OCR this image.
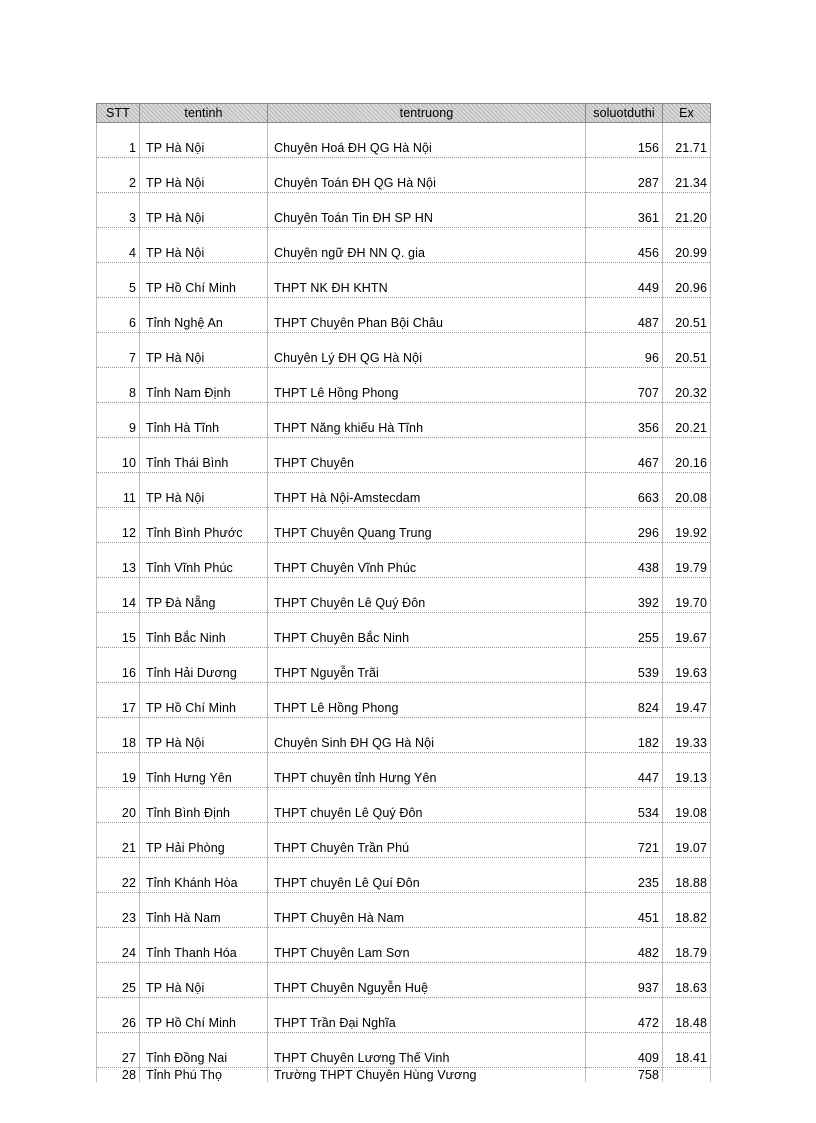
STT	tentinh	tentruong	soluotduthi	Ex
1	TP Hà Nội	Chuyên Hoá ĐH QG Hà Nội	156	21.71
2	TP Hà Nội	Chuyên Toán ĐH QG Hà Nội	287	21.34
3	TP Hà Nội	Chuyên Toán Tin ĐH SP HN	361	21.20
4	TP Hà Nội	Chuyên ngữ ĐH NN Q. gia	456	20.99
5	TP Hồ Chí Minh	THPT NK ĐH KHTN	449	20.96
6	Tỉnh Nghệ An	THPT Chuyên Phan Bội Châu	487	20.51
7	TP Hà Nội	Chuyên Lý ĐH QG Hà Nội	96	20.51
8	Tỉnh Nam Định	THPT Lê Hồng Phong	707	20.32
9	Tỉnh Hà Tĩnh	THPT Năng khiếu Hà Tĩnh	356	20.21
10	Tỉnh Thái Bình	THPT Chuyên	467	20.16
11	TP Hà Nội	THPT Hà Nội-Amstecdam	663	20.08
12	Tỉnh Bình Phước	THPT Chuyên Quang Trung	296	19.92
13	Tỉnh Vĩnh Phúc	THPT Chuyên Vĩnh Phúc	438	19.79
14	TP Đà Nẵng	THPT Chuyên Lê Quý Đôn	392	19.70
15	Tỉnh Bắc Ninh	THPT Chuyên Bắc Ninh	255	19.67
16	Tỉnh Hải Dương	THPT Nguyễn Trãi	539	19.63
17	TP Hồ Chí Minh	THPT Lê Hồng Phong	824	19.47
18	TP Hà Nội	Chuyên Sinh ĐH QG Hà Nội	182	19.33
19	Tỉnh Hưng Yên	THPT chuyên tỉnh Hưng Yên	447	19.13
20	Tỉnh Bình Định	THPT chuyên Lê Quý Đôn	534	19.08
21	TP Hải Phòng	THPT Chuyên Trần Phú	721	19.07
22	Tỉnh Khánh Hòa	THPT chuyên Lê Quí Đôn	235	18.88
23	Tỉnh Hà Nam	THPT Chuyên Hà Nam	451	18.82
24	Tỉnh Thanh Hóa	THPT Chuyên Lam Sơn	482	18.79
25	TP Hà Nội	THPT Chuyên Nguyễn Huệ	937	18.63
26	TP Hồ Chí Minh	THPT Trần Đại Nghĩa	472	18.48
27	Tỉnh Đồng Nai	THPT Chuyên Lương Thế Vinh	409	18.41
28	Tỉnh Phú Thọ	Trường THPT Chuyên Hùng Vương	758	
